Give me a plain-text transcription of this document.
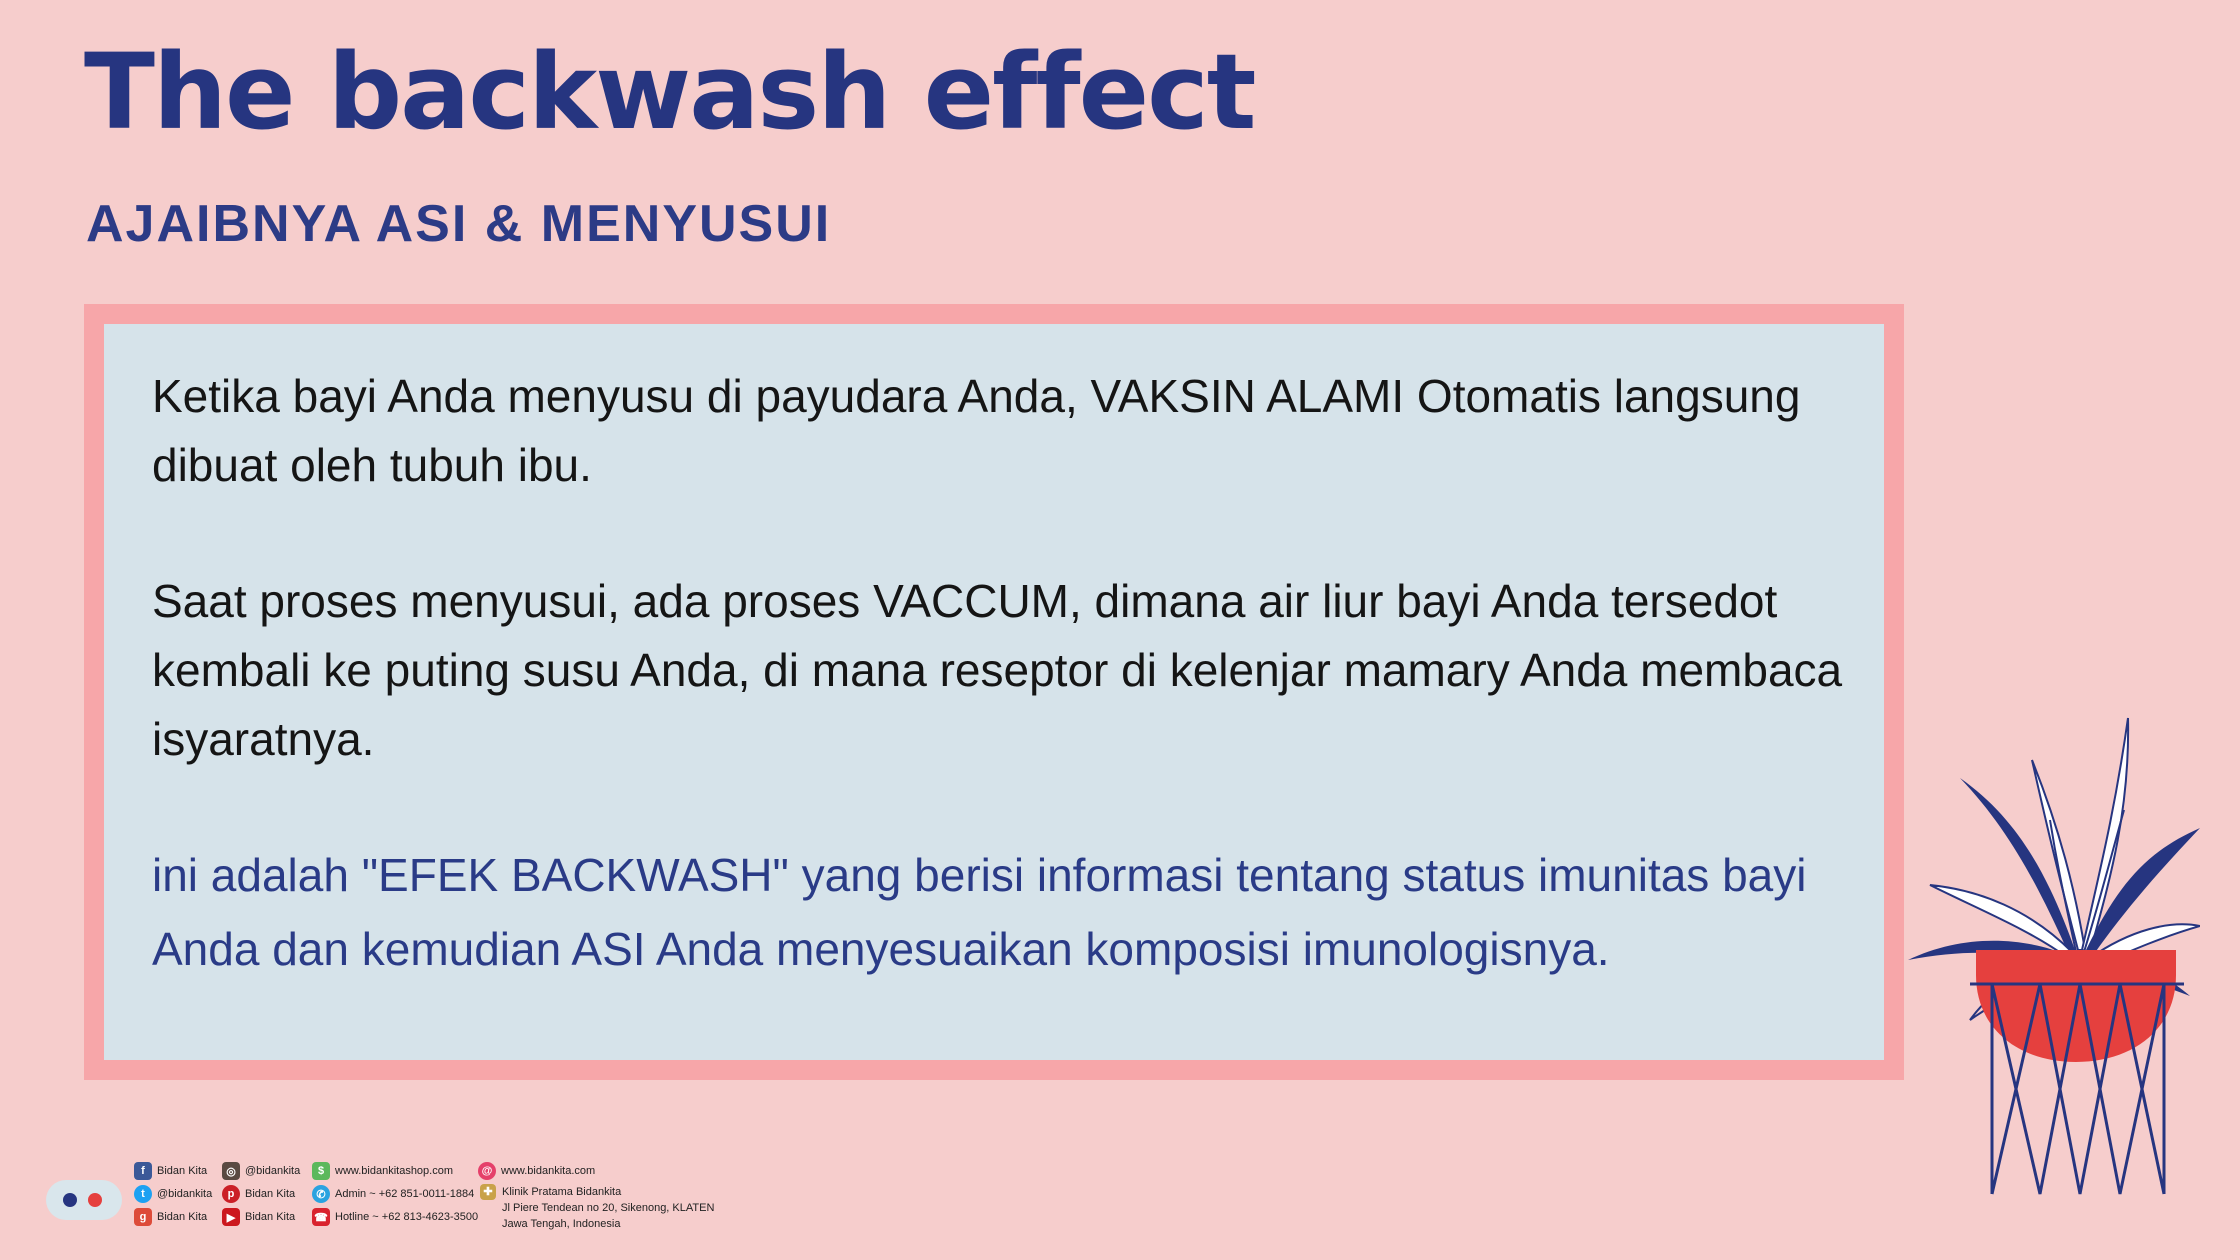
The backwash effect
AJAIBNYA ASI & MENYUSUI

Ketika bayi Anda menyusu di payudara Anda, VAKSIN ALAMI Otomatis langsung dibuat oleh tubuh ibu.

Saat proses menyusui, ada proses VACCUM, dimana air liur bayi Anda tersedot kembali ke puting susu Anda, di mana reseptor di kelenjar mamary Anda membaca isyaratnya.

ini adalah "EFEK BACKWASH" yang berisi informasi tentang status imunitas bayi Anda dan kemudian ASI Anda menyesuaikan komposisi imunologisnya.

f	Bidan Kita	◎ @bidankita	$ www.bidankitashop.com	@ www.bidankita.com
t	@bidankita	p Bidan Kita	✆ Admin ~ +62 851-0011-1884
g Bidan Kita	▶ Bidan Kita ☎ Hotline ~ +62 813-4623-3500
✚ Klinik Pratama Bidankita
Jl Piere Tendean no 20, Sikenong, KLATEN
Jawa Tengah, Indonesia
